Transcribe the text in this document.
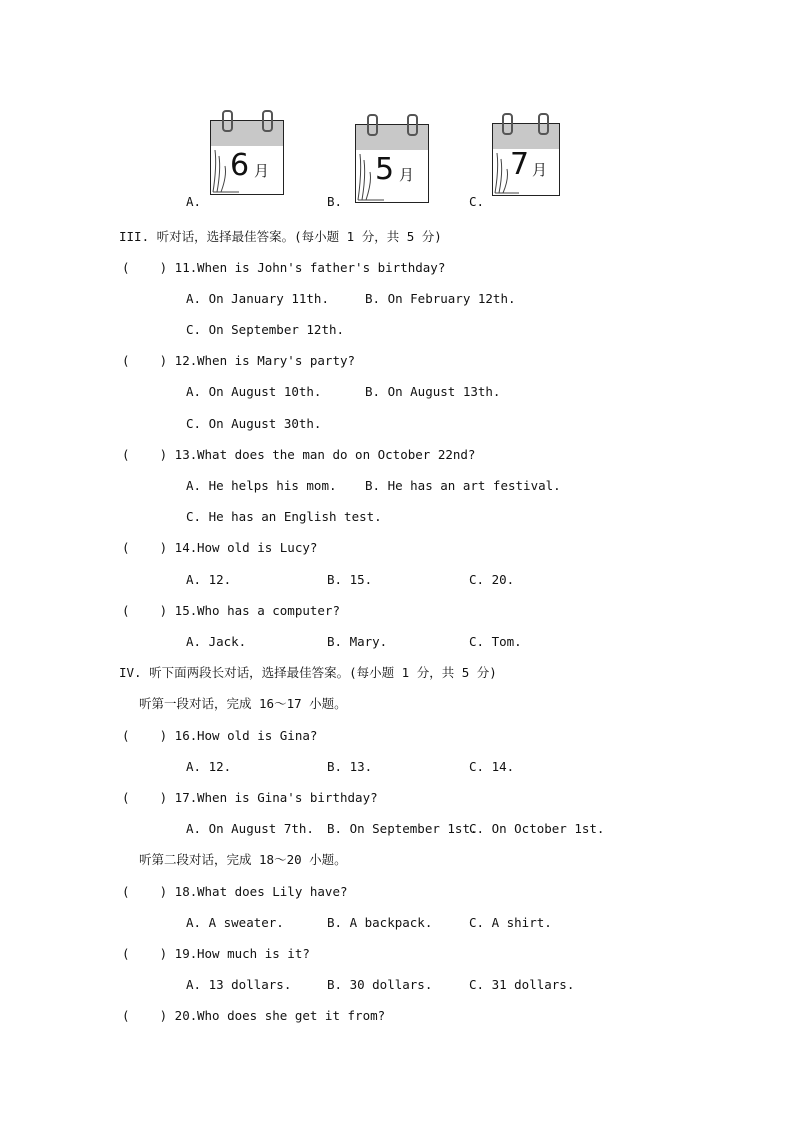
6 月	5 月	7 月
A.	B.	C.
III. 听对话，选择最佳答案。(每小题 1 分，共 5 分)
(    ) 11. When is John's father's birthday?
A. On January 11th.	B. On February 12th.
C. On September 12th.
(    ) 12. When is Mary's party?
A. On August 10th.	B. On August 13th.
C. On August 30th.
(    ) 13. What does the man do on October 22nd?
A. He helps his mom. B. He has an art festival.
C. He has an English test.
(    ) 14. How old is Lucy?
A. 12.	B. 15.	C. 20.
(    ) 15. Who has a computer?
A. Jack.	B. Mary.	C. Tom.
IV. 听下面两段长对话，选择最佳答案。(每小题 1 分，共 5 分)
听第一段对话，完成 16～17 小题。
(    ) 16. How old is Gina?
A. 12.	B. 13.	C. 14.
(    ) 17. When is Gina's birthday?
A. On August 7th. B. On September 1st.
C. On October 1st.
听第二段对话，完成 18～20 小题。
(    ) 18. What does Lily have?
A. A sweater.	B. A backpack.	C. A shirt.
(    ) 19. How much is it?
A. 13 dollars.	B. 30 dollars.	C. 31 dollars.
(    ) 20. Who does she get it from?
